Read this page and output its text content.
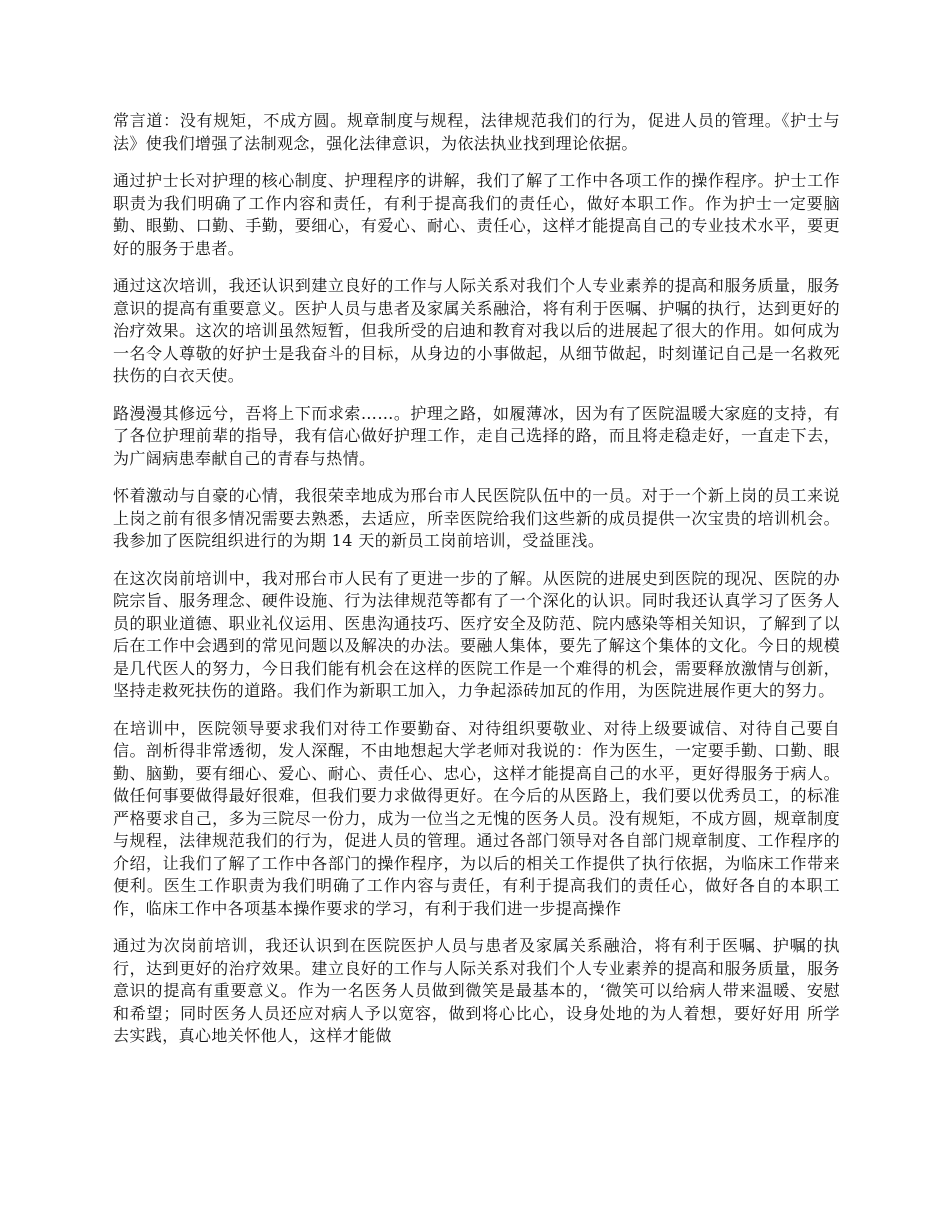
常言道：没有规矩，不成方圆。规章制度与规程，法律规范我们的行为，促进人员的管理。《护士与法》使我们增强了法制观念，强化法律意识，为依法执业找到理论依据。

通过护士长对护理的核心制度、护理程序的讲解，我们了解了工作中各项工作的操作程序。护士工作职责为我们明确了工作内容和责任，有利于提高我们的责任心，做好本职工作。作为护士一定要脑勤、眼勤、口勤、手勤，要细心，有爱心、耐心、责任心，这样才能提高自己的专业技术水平，要更好的服务于患者。

通过这次培训，我还认识到建立良好的工作与人际关系对我们个人专业素养的提高和服务质量，服务意识的提高有重要意义。医护人员与患者及家属关系融洽，将有利于医嘱、护嘱的执行，达到更好的治疗效果。这次的培训虽然短暂，但我所受的启迪和教育对我以后的进展起了很大的作用。如何成为一名令人尊敬的好护士是我奋斗的目标，从身边的小事做起，从细节做起，时刻谨记自己是一名救死扶伤的白衣天使。

路漫漫其修远兮，吾将上下而求索……。护理之路，如履薄冰，因为有了医院温暖大家庭的支持，有了各位护理前辈的指导，我有信心做好护理工作，走自己选择的路，而且将走稳走好，一直走下去，为广阔病患奉献自己的青春与热情。

怀着激动与自豪的心情，我很荣幸地成为邢台市人民医院队伍中的一员。对于一个新上岗的员工来说上岗之前有很多情况需要去熟悉，去适应，所幸医院给我们这些新的成员提供一次宝贵的培训机会。我参加了医院组织进行的为期 14 天的新员工岗前培训，受益匪浅。

在这次岗前培训中，我对邢台市人民有了更进一步的了解。从医院的进展史到医院的现况、医院的办院宗旨、服务理念、硬件设施、行为法律规范等都有了一个深化的认识。同时我还认真学习了医务人员的职业道德、职业礼仪运用、医患沟通技巧、医疗安全及防范、院内感染等相关知识，了解到了以后在工作中会遇到的常见问题以及解决的办法。要融人集体，要先了解这个集体的文化。今日的规模是几代医人的努力，今日我们能有机会在这样的医院工作是一个难得的机会，需要释放激情与创新，坚持走救死扶伤的道路。我们作为新职工加入，力争起添砖加瓦的作用，为医院进展作更大的努力。

在培训中，医院领导要求我们对待工作要勤奋、对待组织要敬业、对待上级要诚信、对待自己要自信。剖析得非常透彻，发人深醒，不由地想起大学老师对我说的：作为医生，一定要手勤、口勤、眼勤、脑勤，要有细心、爱心、耐心、责任心、忠心，这样才能提高自己的水平，更好得服务于病人。做任何事要做得最好很难，但我们要力求做得更好。在今后的从医路上，我们要以优秀员工，的标准严格要求自己，多为三院尽一份力，成为一位当之无愧的医务人员。没有规矩，不成方圆，规章制度与规程，法律规范我们的行为，促进人员的管理。通过各部门领导对各自部门规章制度、工作程序的介绍，让我们了解了工作中各部门的操作程序，为以后的相关工作提供了执行依据，为临床工作带来便利。医生工作职责为我们明确了工作内容与责任，有利于提高我们的责任心，做好各自的本职工作，临床工作中各项基本操作要求的学习，有利于我们进一步提高操作

通过为次岗前培训，我还认识到在医院医护人员与患者及家属关系融洽，将有利于医嘱、护嘱的执行，达到更好的治疗效果。建立良好的工作与人际关系对我们个人专业素养的提高和服务质量，服务意识的提高有重要意义。作为一名医务人员做到微笑是最基本的，‘微笑可以给病人带来温暖、安慰和希望；同时医务人员还应对病人予以宽容，做到将心比心，设身处地的为人着想，要好好用 所学去实践，真心地关怀他人，这样才能做
